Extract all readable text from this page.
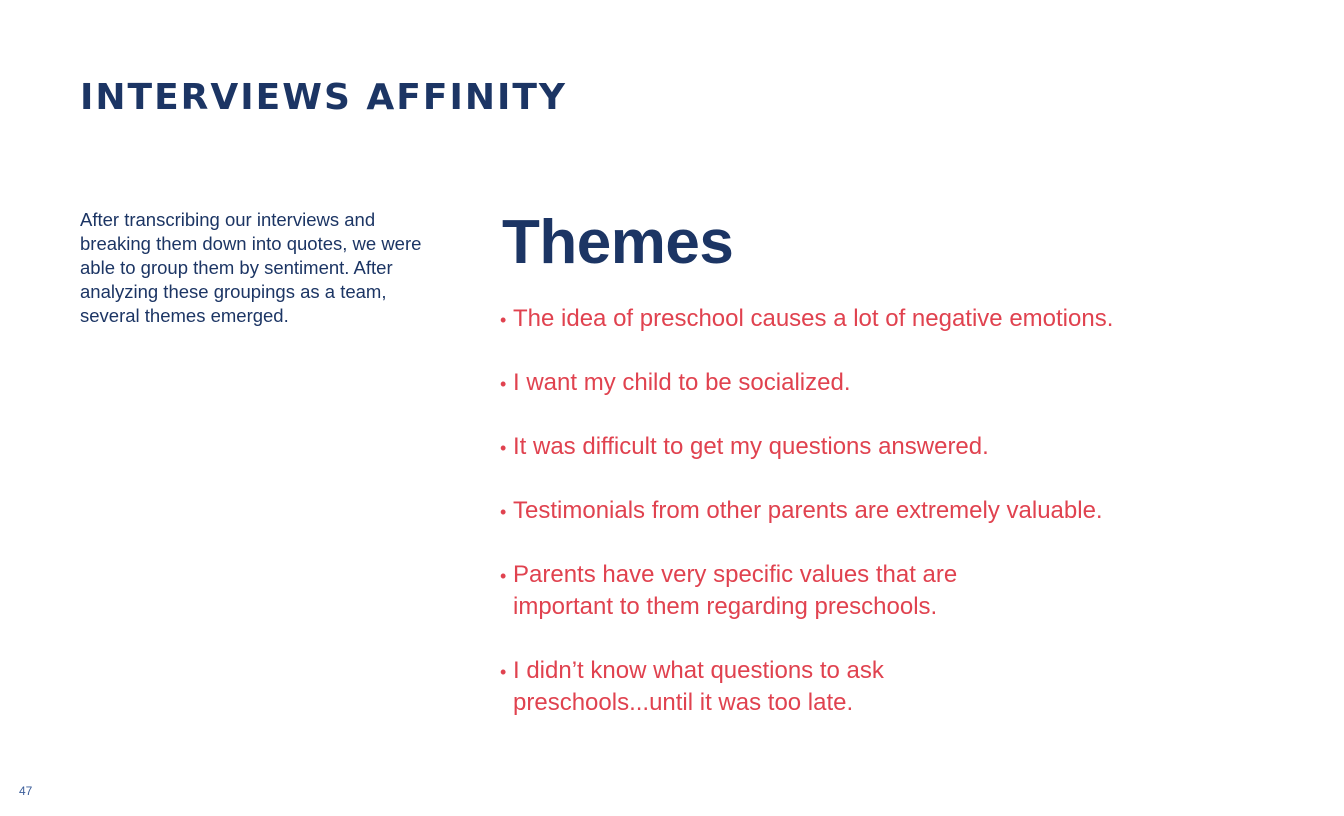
INTERVIEWS AFFINITY

After transcribing our interviews and breaking them down into quotes, we were able to group them by sentiment. After analyzing these groupings as a team, several themes emerged.

Themes
• The idea of preschool causes a lot of negative emotions.
• I want my child to be socialized.
• It was difficult to get my questions answered.
• Testimonials from other parents are extremely valuable.
• Parents have very specific values that are important to them regarding preschools.
• I didn’t know what questions to ask preschools...until it was too late.
47
